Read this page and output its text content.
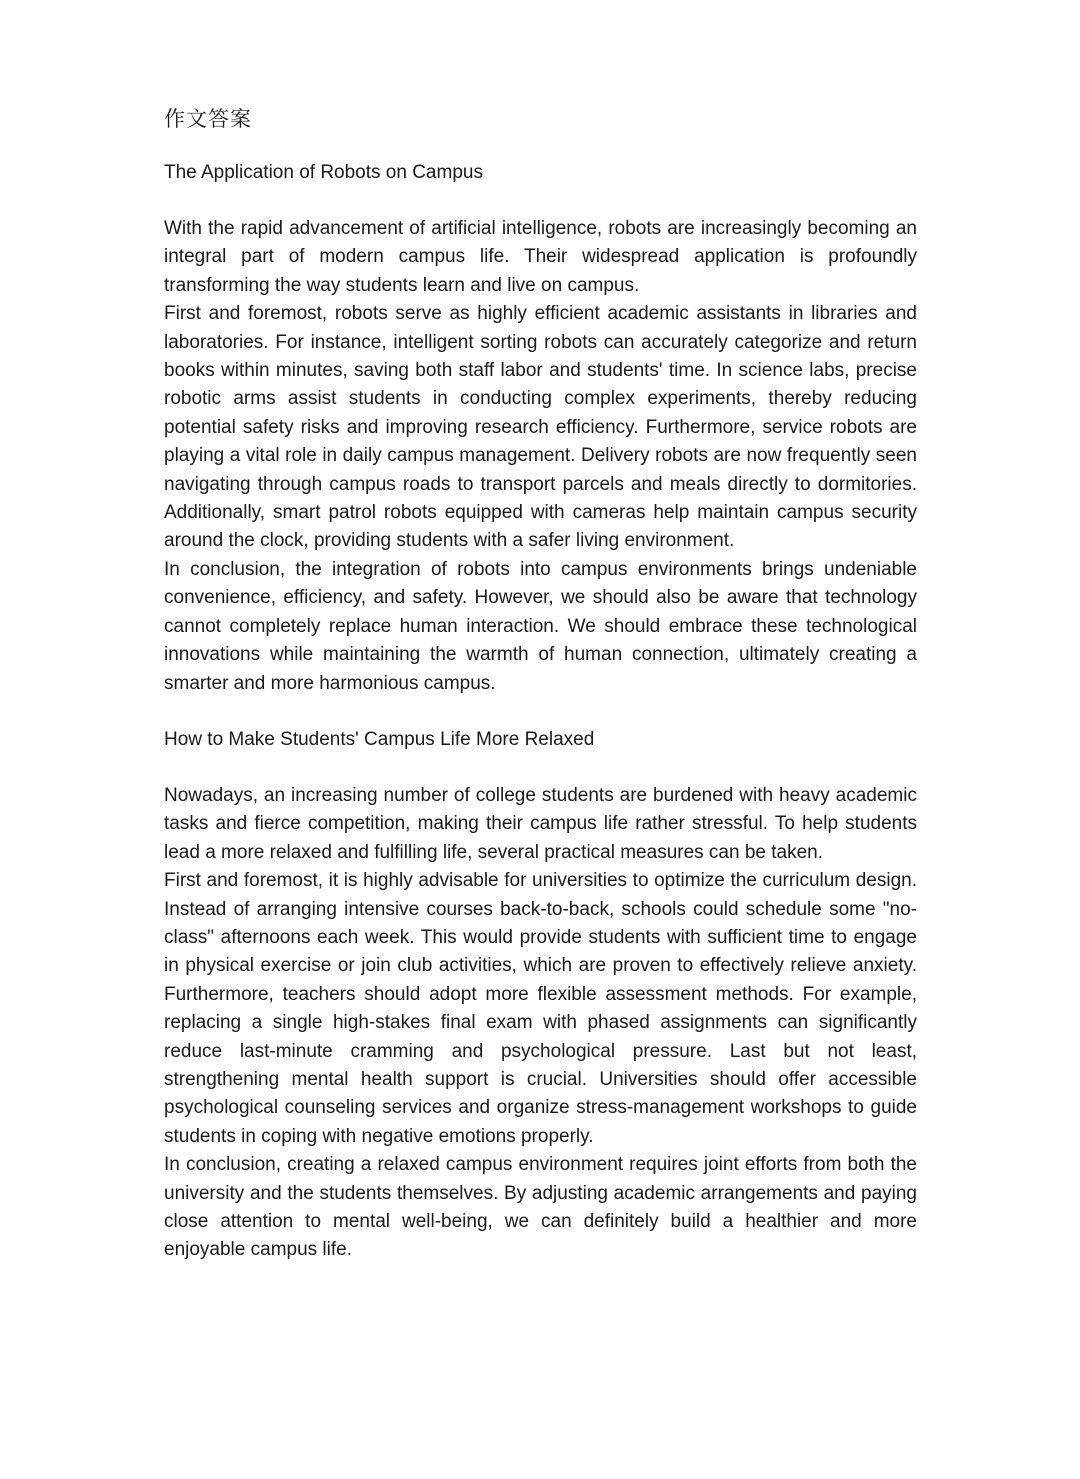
作文答案
The Application of Robots on Campus

With the rapid advancement of artificial intelligence, robots are increasingly becoming an integral part of modern campus life. Their widespread application is profoundly transforming the way students learn and live on campus.

First and foremost, robots serve as highly efficient academic assistants in libraries and laboratories. For instance, intelligent sorting robots can accurately categorize and return books within minutes, saving both staff labor and students' time. In science labs, precise robotic arms assist students in conducting complex experiments, thereby reducing potential safety risks and improving research efficiency. Furthermore, service robots are playing a vital role in daily campus management. Delivery robots are now frequently seen navigating through campus roads to transport parcels and meals directly to dormitories. Additionally, smart patrol robots equipped with cameras help maintain campus security around the clock, providing students with a safer living environment.

In conclusion, the integration of robots into campus environments brings undeniable convenience, efficiency, and safety. However, we should also be aware that technology cannot completely replace human interaction. We should embrace these technological innovations while maintaining the warmth of human connection, ultimately creating a smarter and more harmonious campus.

How to Make Students' Campus Life More Relaxed

Nowadays, an increasing number of college students are burdened with heavy academic tasks and fierce competition, making their campus life rather stressful. To help students lead a more relaxed and fulfilling life, several practical measures can be taken.

First and foremost, it is highly advisable for universities to optimize the curriculum design. Instead of arranging intensive courses back-to-back, schools could schedule some "no-class" afternoons each week. This would provide students with sufficient time to engage in physical exercise or join club activities, which are proven to effectively relieve anxiety. Furthermore, teachers should adopt more flexible assessment methods. For example, replacing a single high-stakes final exam with phased assignments can significantly reduce last-minute cramming and psychological pressure. Last but not least, strengthening mental health support is crucial. Universities should offer accessible psychological counseling services and organize stress-management workshops to guide students in coping with negative emotions properly.

In conclusion, creating a relaxed campus environment requires joint efforts from both the university and the students themselves. By adjusting academic arrangements and paying close attention to mental well-being, we can definitely build a healthier and more enjoyable campus life.
